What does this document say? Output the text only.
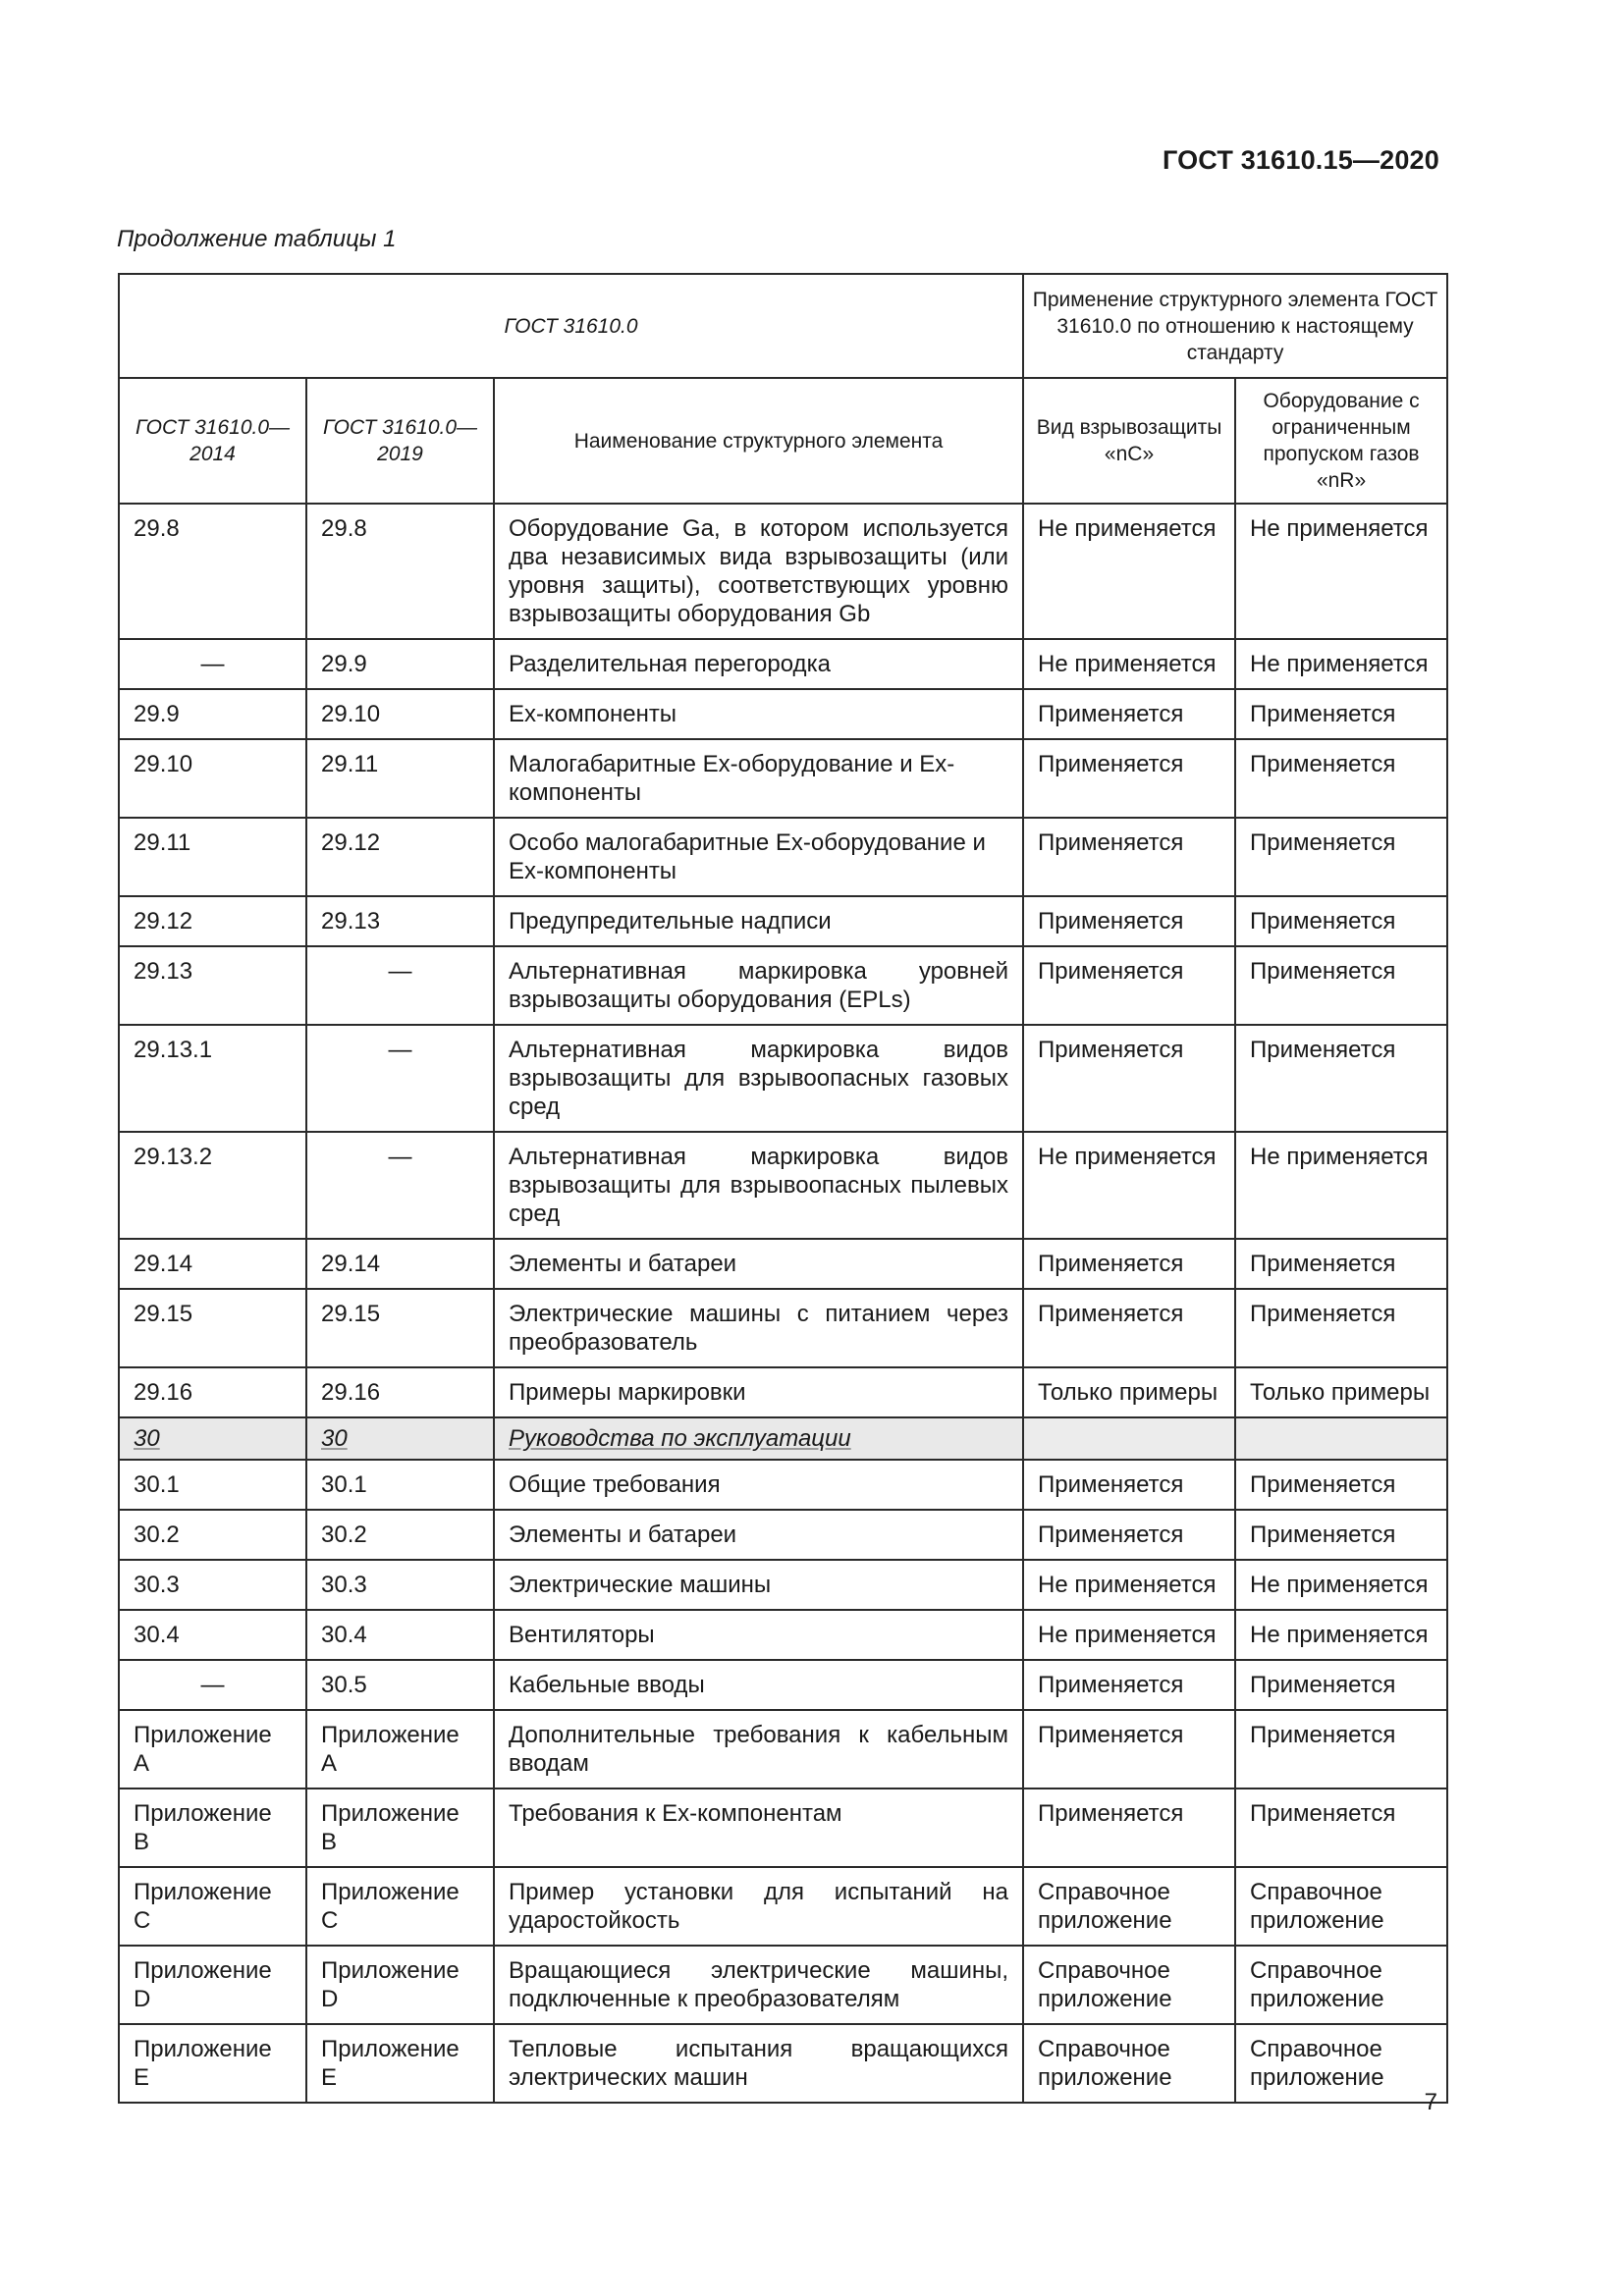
ГОСТ 31610.15—2020
Продолжение таблицы 1
ГОСТ 31610.0			Применение структурного элемента ГОСТ 31610.0 по отношению к настоящему стандарту	
ГОСТ 31610.0—2014	ГОСТ 31610.0—2019	Наименование структурного элемента	Вид взрывозащиты «nC»	Оборудование с ограниченным пропуском газов «nR»
29.8	29.8	Оборудование Ga, в котором используется два независимых вида взрывозащиты (или уровня защиты), соответствующих уровню взрывозащиты оборудования Gb	Не применяется	Не применяется
—	29.9	Разделительная перегородка	Не применяется	Не применяется
29.9	29.10	Ex-компоненты	Применяется	Применяется
29.10	29.11	Малогабаритные Ex-оборудование и Ex-компоненты	Применяется	Применяется
29.11	29.12	Особо малогабаритные Ex-оборудование и Ex-компоненты	Применяется	Применяется
29.12	29.13	Предупредительные надписи	Применяется	Применяется
29.13	—	Альтернативная маркировка уровней взрывозащиты оборудования (EPLs)	Применяется	Применяется
29.13.1	—	Альтернативная маркировка видов взрывозащиты для взрывоопасных газовых сред	Применяется	Применяется
29.13.2	—	Альтернативная маркировка видов взрывозащиты для взрывоопасных пылевых сред	Не применяется	Не применяется
29.14	29.14	Элементы и батареи	Применяется	Применяется
29.15	29.15	Электрические машины с питанием через преобразователь	Применяется	Применяется
29.16	29.16	Примеры маркировки	Только примеры	Только примеры
30	30	Руководства по эксплуатации		
30.1	30.1	Общие требования	Применяется	Применяется
30.2	30.2	Элементы и батареи	Применяется	Применяется
30.3	30.3	Электрические машины	Не применяется	Не применяется
30.4	30.4	Вентиляторы	Не применяется	Не применяется
—	30.5	Кабельные вводы	Применяется	Применяется
Приложение A	Приложение A	Дополнительные требования к кабельным вводам	Применяется	Применяется
Приложение B	Приложение B	Требования к Ex-компонентам	Применяется	Применяется
Приложение C	Приложение C	Пример установки для испытаний на ударостойкость	Справочное приложение	Справочное приложение
Приложение D	Приложение D	Вращающиеся электрические машины, подключенные к преобразователям	Справочное приложение	Справочное приложение
Приложение E	Приложение E	Тепловые испытания вращающихся электрических машин	Справочное приложение	Справочное приложение
7
